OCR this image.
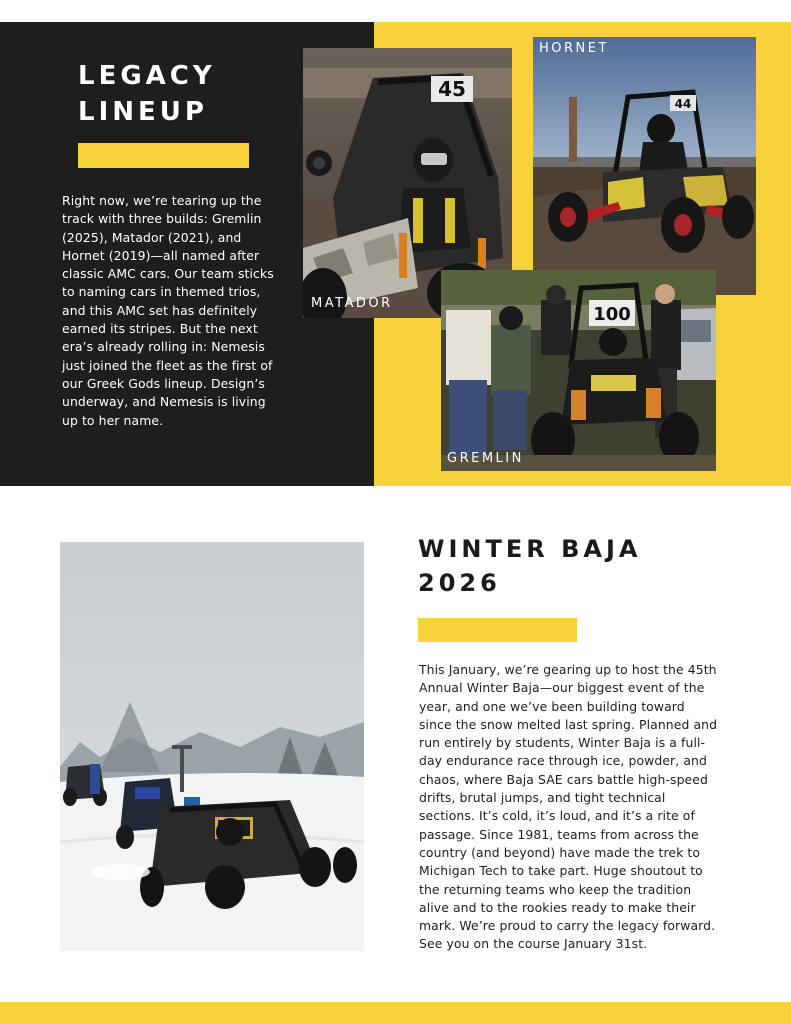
LEGACY
LINEUP

Right now, we’re tearing up the track with three builds: Gremlin (2025), Matador (2021), and Hornet (2019)—all named after classic AMC cars. Our team sticks to naming cars in themed trios, and this AMC set has definitely earned its stripes. But the next era’s already rolling in: Nemesis just joined the fleet as the first of our Greek Gods lineup. Design’s underway, and Nemesis is living up to her name.

45
MATADOR
44
HORNET
100
GREMLIN
WINTER BAJA
2026

This January, we’re gearing up to host the 45th Annual Winter Baja—our biggest event of the year, and one we’ve been building toward since the snow melted last spring. Planned and run entirely by students, Winter Baja is a full-day endurance race through ice, powder, and chaos, where Baja SAE cars battle high-speed drifts, brutal jumps, and tight technical sections. It’s cold, it’s loud, and it’s a rite of passage. Since 1981, teams from across the country (and beyond) have made the trek to Michigan Tech to take part. Huge shoutout to the returning teams who keep the tradition alive and to the rookies ready to make their mark. We’re proud to carry the legacy forward. See you on the course January 31st.
